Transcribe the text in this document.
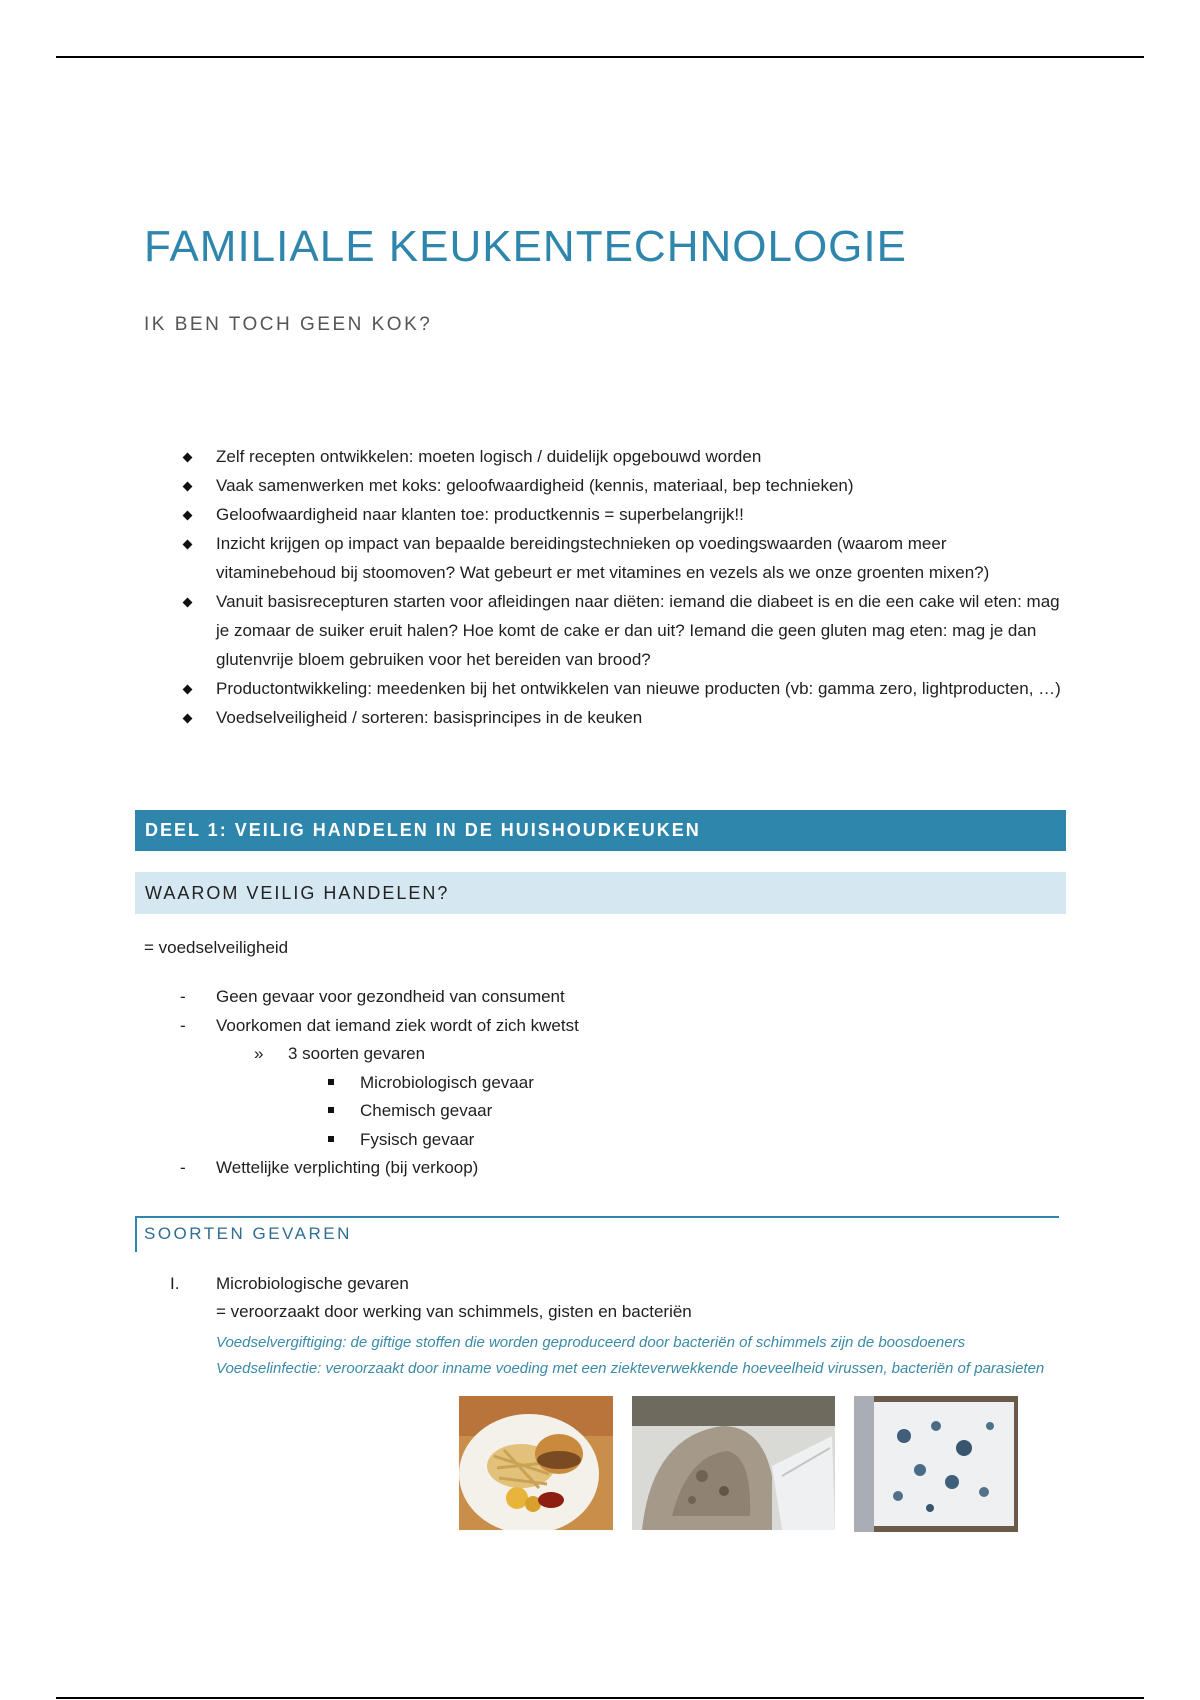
FAMILIALE KEUKENTECHNOLOGIE
IK BEN TOCH GEEN KOK?
Zelf recepten ontwikkelen: moeten logisch / duidelijk opgebouwd worden
Vaak samenwerken met koks: geloofwaardigheid (kennis, materiaal, bep technieken)
Geloofwaardigheid naar klanten toe: productkennis = superbelangrijk!!
Inzicht krijgen op impact van bepaalde bereidingstechnieken op voedingswaarden (waarom meer vitaminebehoud bij stoomoven? Wat gebeurt er met vitamines en vezels als we onze groenten mixen?)
Vanuit basisrecepturen starten voor afleidingen naar diëten: iemand die diabeet is en die een cake wil eten: mag je zomaar de suiker eruit halen? Hoe komt de cake er dan uit? Iemand die geen gluten mag eten: mag je dan glutenvrije bloem gebruiken voor het bereiden van brood?
Productontwikkeling: meedenken bij het ontwikkelen van nieuwe producten (vb: gamma zero, lightproducten, …)
Voedselveiligheid / sorteren: basisprincipes in de keuken
DEEL 1: VEILIG HANDELEN IN DE HUISHOUDKEUKEN
WAAROM VEILIG HANDELEN?
= voedselveiligheid
- Geen gevaar voor gezondheid van consument
- Voorkomen dat iemand ziek wordt of zich kwetst
» 3 soorten gevaren
Microbiologisch gevaar
Chemisch gevaar
Fysisch gevaar
- Wettelijke verplichting (bij verkoop)
SOORTEN GEVAREN
I. Microbiologische gevaren
= veroorzaakt door werking van schimmels, gisten en bacteriën
Voedselvergiftiging: de giftige stoffen die worden geproduceerd door bacteriën of schimmels zijn de boosdoeners
Voedselinfectie: veroorzaakt door inname voeding met een ziekteverwekkende hoeveelheid virussen, bacteriën of parasieten
